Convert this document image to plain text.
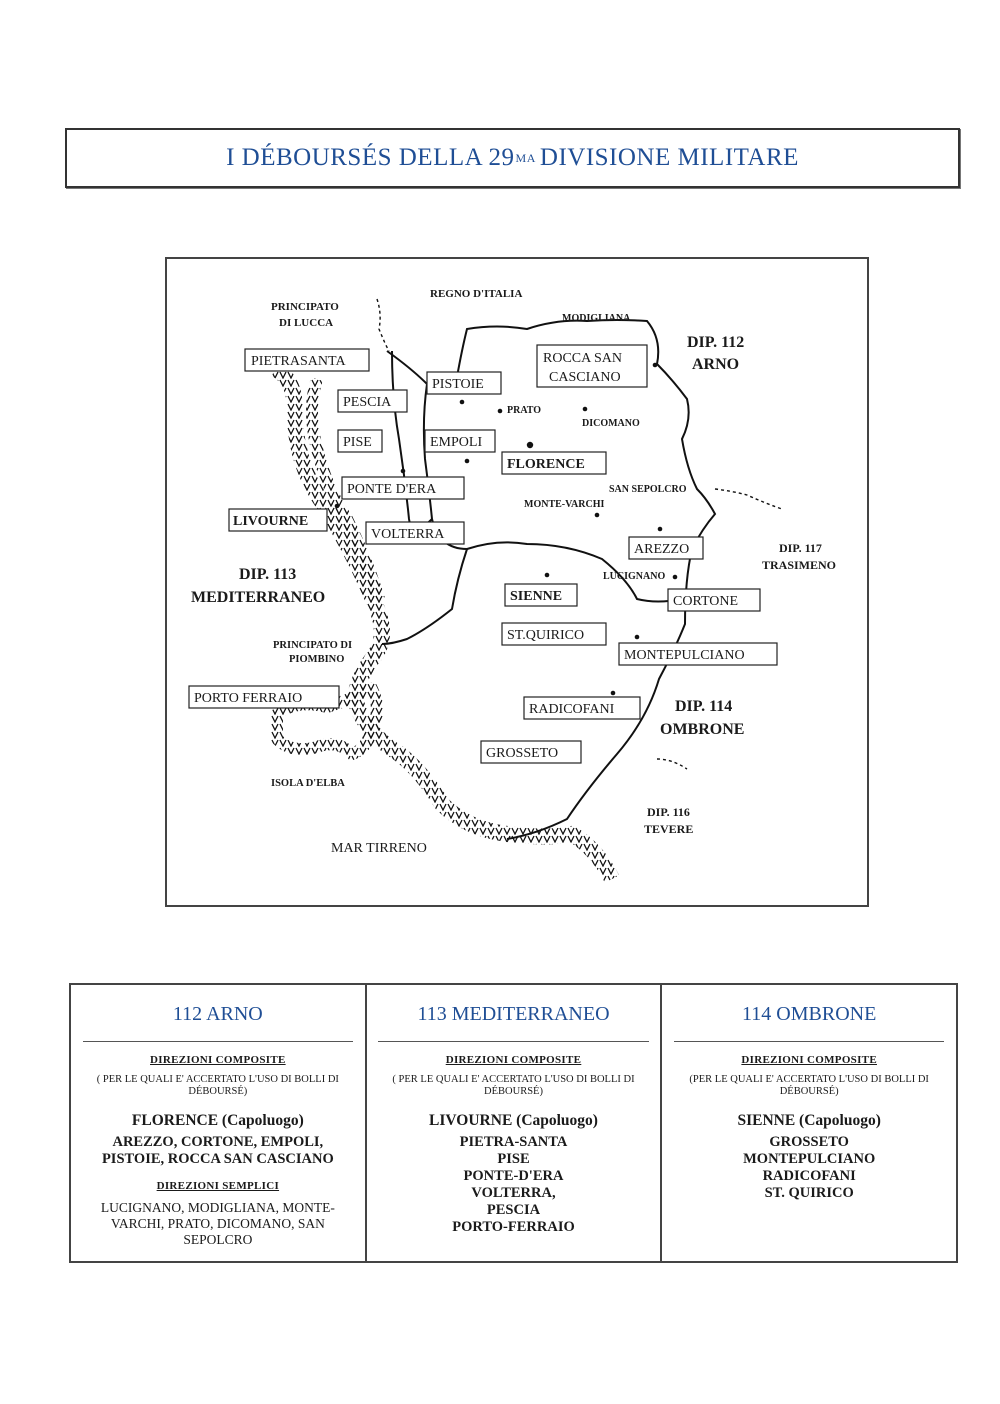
I DÉBOURSÉS DELLA 29 MA DIVISIONE MILITARE
REGNO D'ITALIA
PRINCIPATO
DI LUCCA	MODIGLIANA
PRATO
DICOMANO
SAN SEPOLCRO
MONTE-VARCHI
LUCIGNANO
PRINCIPATO DI
PIOMBINO
ISOLA D'ELBA
DIP. 112
ARNO
DIP. 113
MEDITERRANEO
DIP. 114
OMBRONE
DIP. 117
TRASIMENO
DIP. 116
TEVERE
MAR TIRRENO
PIETRASANTA	ROCCA SAN
CASCIANO
PISTOIE
PESCIA
PISE	EMPOLI
FLORENCE
PONTE D'ERA
LIVOURNE
VOLTERRA
AREZZO
SIENNE	CORTONE
ST.QUIRICO
MONTEPULCIANO
PORTO FERRAIO
RADICOFANI
GROSSETO
112 ARNO
DIREZIONI COMPOSITE
( PER LE QUALI E' ACCERTATO L'USO DI BOLLI DI DÉBOURSÉ)
FLORENCE (Capoluogo)
AREZZO, CORTONE, EMPOLI, PISTOIE, ROCCA SAN CASCIANO
DIREZIONI SEMPLICI
LUCIGNANO, MODIGLIANA, MONTE-VARCHI, PRATO, DICOMANO, SAN SEPOLCRO
113 MEDITERRANEO
DIREZIONI COMPOSITE
( PER LE QUALI E' ACCERTATO L'USO DI BOLLI DI DÉBOURSÉ)
LIVOURNE (Capoluogo)
PIETRA-SANTA
PISE
PONTE-D'ERA
VOLTERRA,
PESCIA
PORTO-FERRAIO
114 OMBRONE
DIREZIONI COMPOSITE
(PER LE QUALI E' ACCERTATO L'USO DI BOLLI DI DÉBOURSÉ)
SIENNE (Capoluogo)
GROSSETO
MONTEPULCIANO
RADICOFANI
ST. QUIRICO
